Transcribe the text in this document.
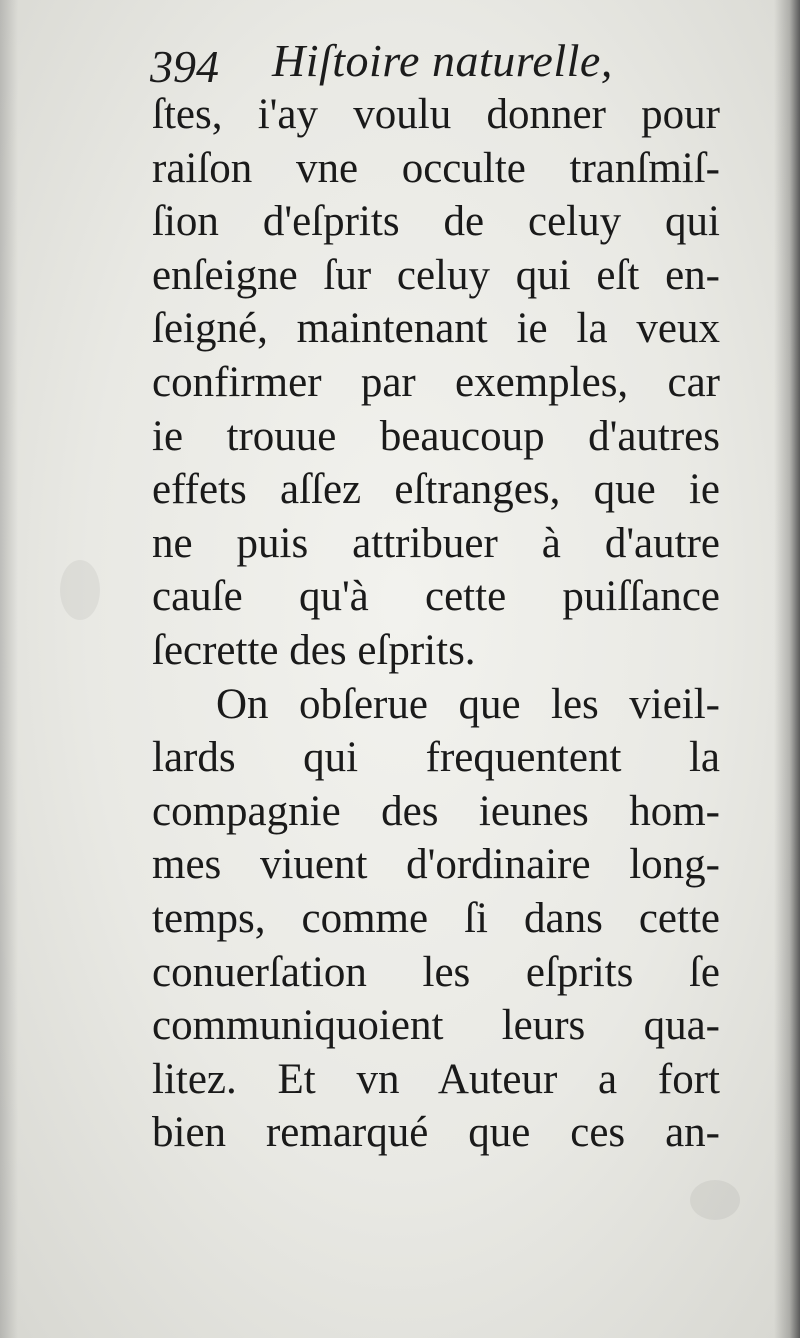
394 Hiſtoire naturelle,
ſtes, i'ay voulu donner pour
raiſon vne occulte tranſmiſ-
ſion d'eſprits de celuy qui
enſeigne ſur celuy qui eſt en-
ſeigné, maintenant ie la veux
confirmer par exemples, car
ie trouue beaucoup d'autres
effets aſſez eſtranges, que ie
ne puis attribuer à d'autre
cauſe qu'à cette puiſſance
ſecrette des eſprits.
On obſerue que les vieil-
lards qui frequentent la
compagnie des ieunes hom-
mes viuent d'ordinaire long-
temps, comme ſi dans cette
conuerſation les eſprits ſe
communiquoient leurs qua-
litez. Et vn Auteur a fort
bien remarqué que ces an-
